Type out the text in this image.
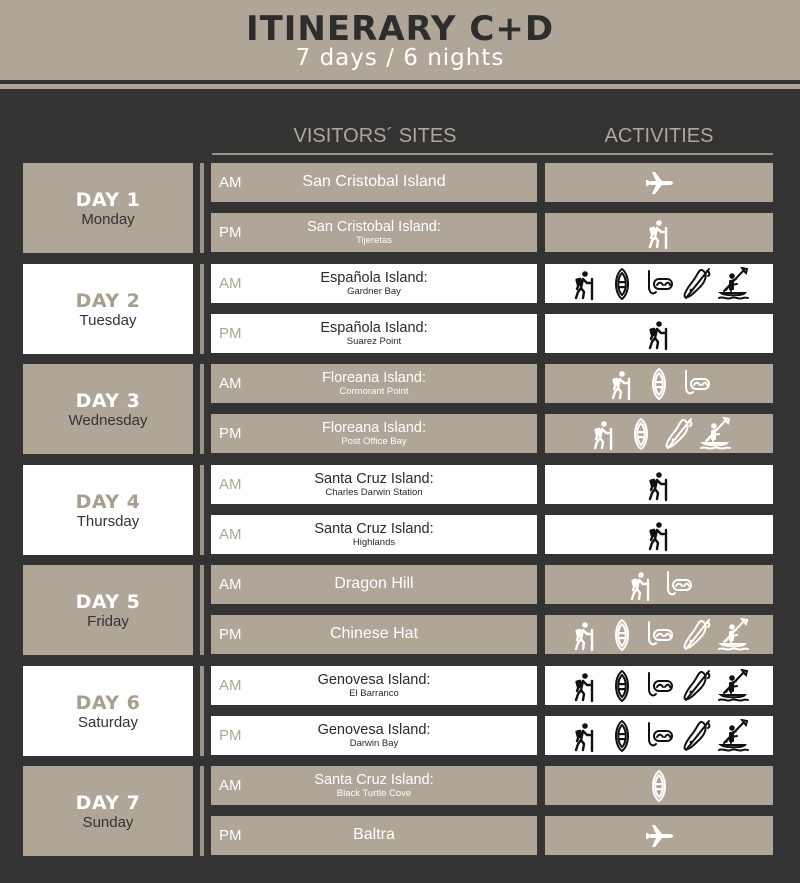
ITINERARY C+D
7 days / 6 nights
VISITORS´ SITES	ACTIVITIES
DAY 1
Monday
AM	San Cristobal Island
PM	San Cristobal Island:
Tijeretas
DAY 2
Tuesday
AM	Española Island:
Gardner Bay
PM	Española Island:
Suarez Point
DAY 3
Wednesday
AM	Floreana Island:
Cormorant Point
PM	Floreana Island:
Post Office Bay
DAY 4
Thursday
AM	Santa Cruz Island:
Charles Darwin Station
AM	Santa Cruz Island:
Highlands
DAY 5
Friday
AM	Dragon Hill
PM	Chinese Hat
DAY 6
Saturday
AM	Genovesa Island:
El Barranco
PM	Genovesa Island:
Darwin Bay
DAY 7
Sunday
AM	Santa Cruz Island:
Black Turtle Cove
PM	Baltra
